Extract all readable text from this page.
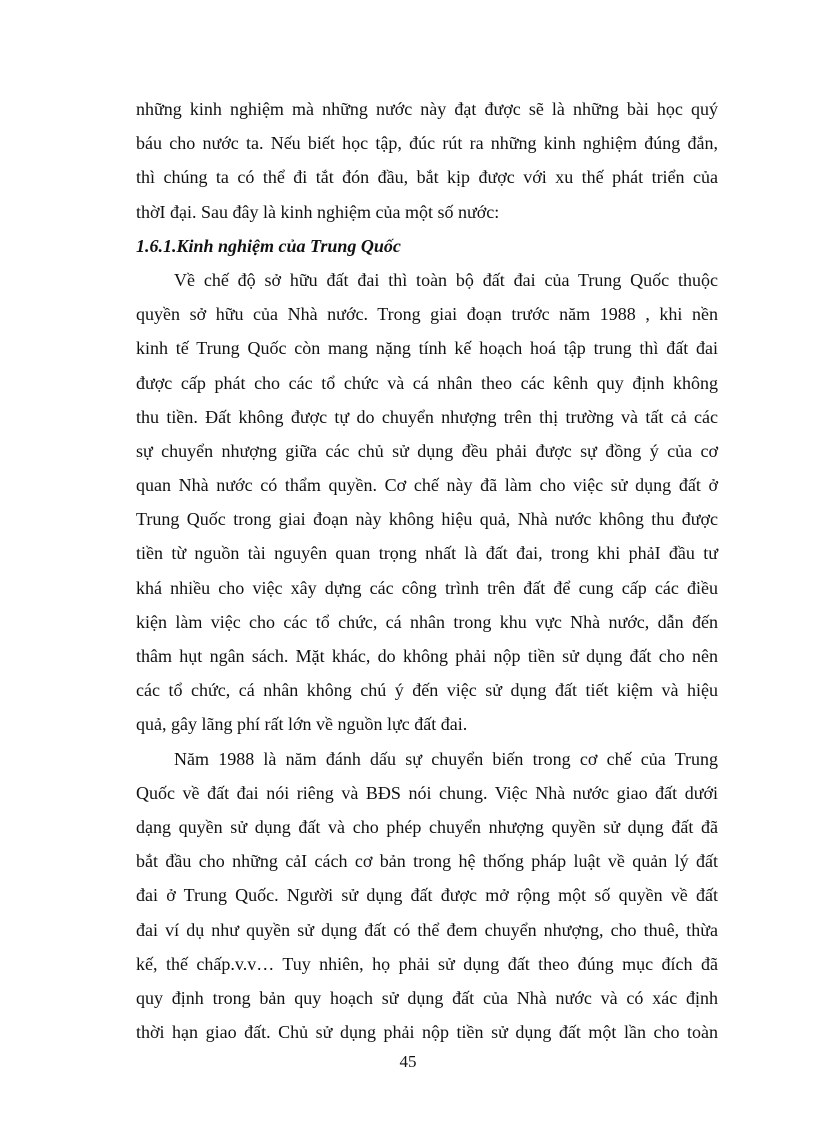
những kinh nghiệm mà những nước này đạt được sẽ là những bài học quý
báu cho nước ta. Nếu biết học tập, đúc rút ra những kinh nghiệm đúng đắn,
thì chúng ta có thể đi tắt đón đầu, bắt kịp được với xu thế phát triển của
thờI đại. Sau đây là kinh nghiệm của một số nước:
1.6.1.Kinh nghiệm của Trung Quốc
Về chế độ sở hữu đất đai thì toàn bộ đất đai của Trung Quốc thuộc
quyền sở hữu của Nhà nước. Trong giai đoạn trước năm 1988 , khi nền
kinh tế Trung Quốc còn mang nặng tính kế hoạch hoá tập trung thì đất đai
được cấp phát cho các tổ chức và cá nhân theo các kênh quy định không
thu tiền. Đất không được tự do chuyển nhượng trên thị trường và tất cả các
sự chuyển nhượng giữa các chủ sử dụng đều phải được sự đồng ý của cơ
quan Nhà nước có thẩm quyền. Cơ chế này đã làm cho việc sử dụng đất ở
Trung Quốc trong giai đoạn này không hiệu quả, Nhà nước không thu được
tiền từ nguồn tài nguyên quan trọng nhất là đất đai, trong khi phảI đầu tư
khá nhiều cho việc xây dựng các công trình trên đất để cung cấp các điều
kiện làm việc cho các tổ chức, cá nhân trong khu vực Nhà nước, dẫn đến
thâm hụt ngân sách. Mặt khác, do không phải nộp tiền sử dụng đất cho nên
các tổ chức, cá nhân không chú ý đến việc sử dụng đất tiết kiệm và hiệu
quả, gây lãng phí rất lớn về nguồn lực đất đai.
Năm 1988 là năm đánh dấu sự chuyển biến trong cơ chế của Trung
Quốc về đất đai nói riêng và BĐS nói chung. Việc Nhà nước giao đất dưới
dạng quyền sử dụng đất và cho phép chuyển nhượng quyền sử dụng đất đã
bắt đầu cho những cảI cách cơ bản trong hệ thống pháp luật về quản lý đất
đai ở Trung Quốc. Người sử dụng đất được mở rộng một số quyền về đất
đai ví dụ như quyền sử dụng đất có thể đem chuyển nhượng, cho thuê, thừa
kế, thế chấp.v.v… Tuy nhiên, họ phải sử dụng đất theo đúng mục đích đã
quy định trong bản quy hoạch sử dụng đất của Nhà nước và có xác định
thời hạn giao đất. Chủ sử dụng phải nộp tiền sử dụng đất một lần cho toàn
45
